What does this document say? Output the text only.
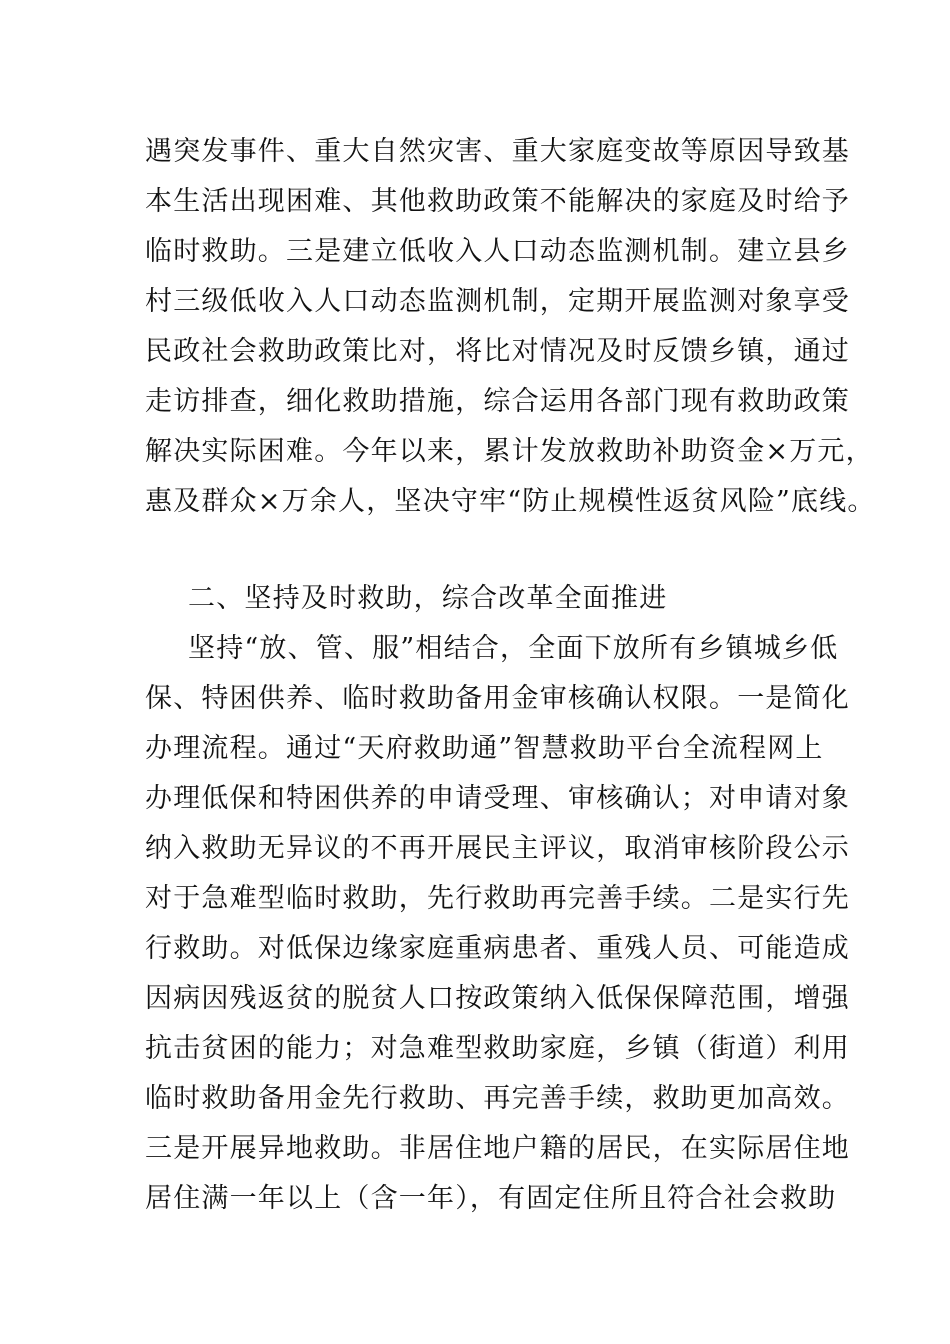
遇突发事件、重大自然灾害、重大家庭变故等原因导致基
本生活出现困难、其他救助政策不能解决的家庭及时给予
临时救助。三是建立低收入人口动态监测机制。建立县乡
村三级低收入人口动态监测机制，定期开展监测对象享受
民政社会救助政策比对，将比对情况及时反馈乡镇，通过
走访排查，细化救助措施，综合运用各部门现有救助政策
解决实际困难。今年以来，累计发放救助补助资金×万元，
惠及群众×万余人，坚决守牢“防止规模性返贫风险”底线。
二、坚持及时救助，综合改革全面推进
坚持“放、管、服”相结合，全面下放所有乡镇城乡低
保、特困供养、临时救助备用金审核确认权限。一是简化
办理流程。通过“天府救助通”智慧救助平台全流程网上
办理低保和特困供养的申请受理、审核确认；对申请对象
纳入救助无异议的不再开展民主评议，取消审核阶段公示
对于急难型临时救助，先行救助再完善手续。二是实行先
行救助。对低保边缘家庭重病患者、重残人员、可能造成
因病因残返贫的脱贫人口按政策纳入低保保障范围，增强
抗击贫困的能力；对急难型救助家庭，乡镇（街道）利用
临时救助备用金先行救助、再完善手续，救助更加高效。
三是开展异地救助。非居住地户籍的居民，在实际居住地
居住满一年以上（含一年），有固定住所且符合社会救助
